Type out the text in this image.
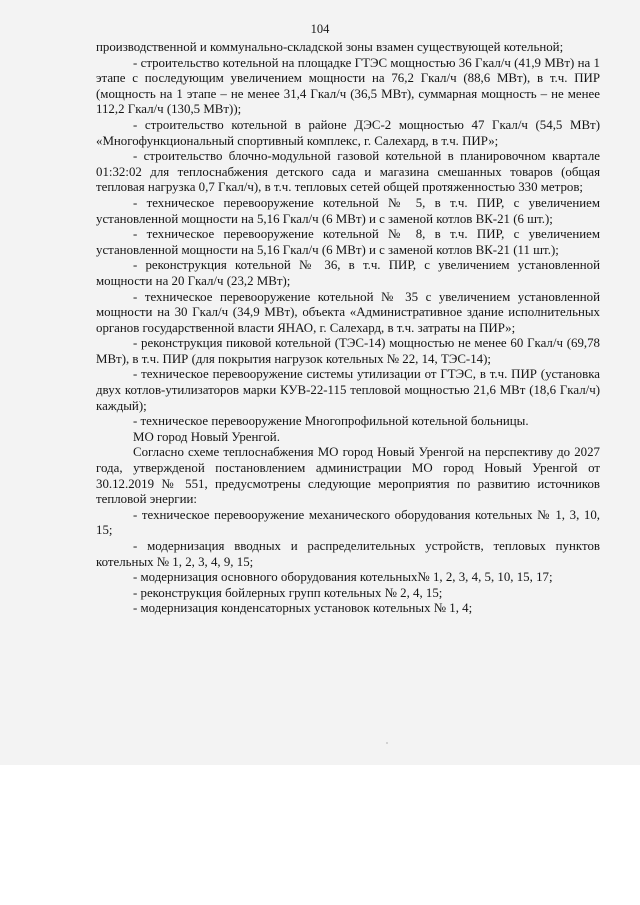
104

производственной и коммунально-складской зоны взамен существующей котельной;

- строительство котельной на площадке ГТЭС мощностью 36 Гкал/ч (41,9 МВт) на 1 этапе с последующим увеличением мощности на 76,2 Гкал/ч (88,6 МВт), в т.ч. ПИР (мощность на 1 этапе – не менее 31,4 Гкал/ч (36,5 МВт), суммарная мощность – не менее 112,2 Гкал/ч (130,5 МВт));

- строительство котельной в районе ДЭС-2 мощностью 47 Гкал/ч (54,5 МВт) «Многофункциональный спортивный комплекс, г. Салехард, в т.ч. ПИР»;

- строительство блочно-модульной газовой котельной в планировочном квартале 01:32:02 для теплоснабжения детского сада и магазина смешанных товаров (общая тепловая нагрузка 0,7 Гкал/ч), в т.ч. тепловых сетей общей протяженностью 330 метров;

- техническое перевооружение котельной № 5, в т.ч. ПИР, с увеличением установленной мощности на 5,16 Гкал/ч (6 МВт) и с заменой котлов ВК-21 (6 шт.);

- техническое перевооружение котельной № 8, в т.ч. ПИР, с увеличением установленной мощности на 5,16 Гкал/ч (6 МВт) и с заменой котлов ВК-21 (11 шт.);

- реконструкция котельной № 36, в т.ч. ПИР, с увеличением установленной мощности на 20 Гкал/ч (23,2 МВт);

- техническое перевооружение котельной № 35 с увеличением установленной мощности на 30 Гкал/ч (34,9 МВт), объекта «Административное здание исполнительных органов государственной власти ЯНАО, г. Салехард, в т.ч. затраты на ПИР»;

- реконструкция пиковой котельной (ТЭС-14) мощностью не менее 60 Гкал/ч (69,78 МВт), в т.ч. ПИР (для покрытия нагрузок котельных № 22, 14, ТЭС-14);

- техническое перевооружение системы утилизации от ГТЭС, в т.ч. ПИР (установка двух котлов-утилизаторов марки КУВ-22-115 тепловой мощностью 21,6 МВт (18,6 Гкал/ч) каждый);

- техническое перевооружение Многопрофильной котельной больницы.

МО город Новый Уренгой.

Согласно схеме теплоснабжения МО город Новый Уренгой на перспективу до 2027 года, утвержденой постановлением администрации МО город Новый Уренгой от 30.12.2019 № 551, предусмотрены следующие мероприятия по развитию источников тепловой энергии:

- техническое перевооружение механического оборудования котельных № 1, 3, 10, 15;

- модернизация вводных и распределительных устройств, тепловых пунктов котельных № 1, 2, 3, 4, 9, 15;

- модернизация основного оборудования котельных№ 1, 2, 3, 4, 5, 10, 15, 17;

- реконструкция бойлерных групп котельных № 2, 4, 15;

- модернизация конденсаторных установок котельных № 1, 4;
